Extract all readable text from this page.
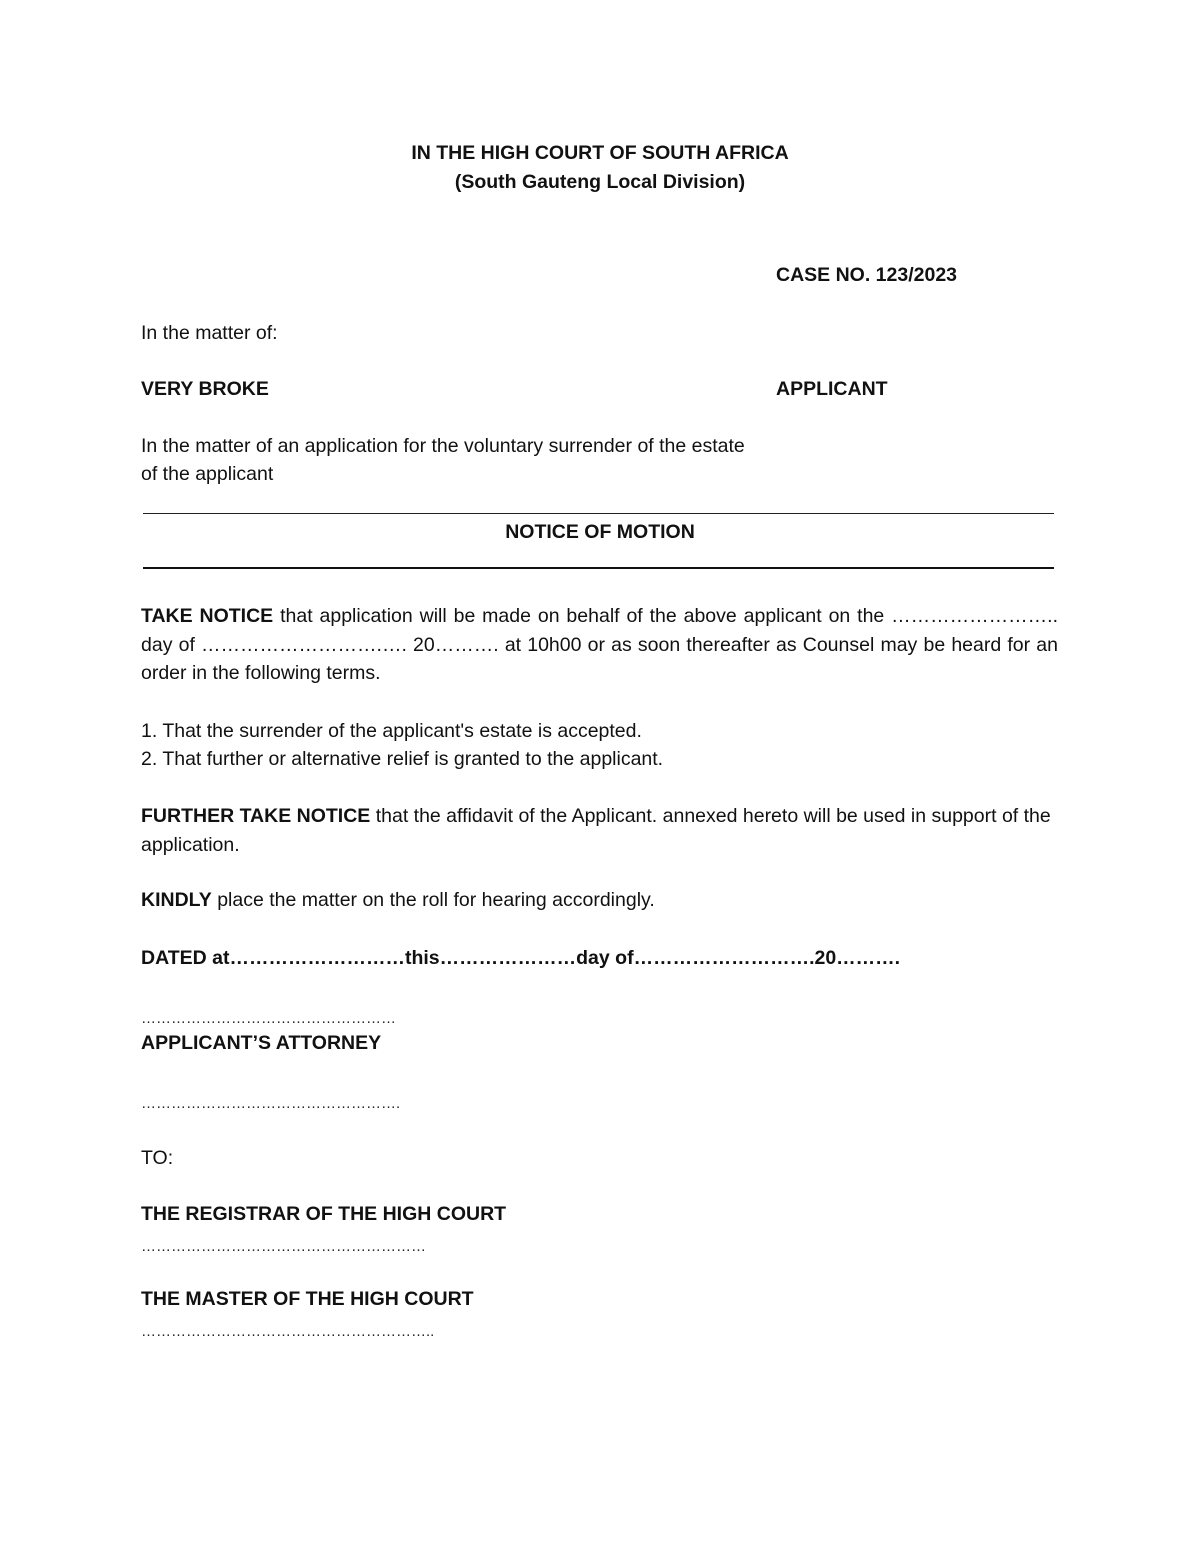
IN THE HIGH COURT OF SOUTH AFRICA
(South Gauteng Local Division)
CASE NO. 123/2023
In the matter of:
VERY BROKE	APPLICANT
In the matter of an application for the voluntary surrender of the estate
of the applicant
NOTICE OF MOTION
TAKE NOTICE that application will be made on behalf of the above applicant on the …………………….. day of ……………………….…. 20………. at 10h00 or as soon thereafter as Counsel may be heard for an order in the following terms.
1. That the surrender of the applicant's estate is accepted.
2. That further or alternative relief is granted to the applicant.
FURTHER TAKE NOTICE that the affidavit of the Applicant. annexed hereto will be used in support of the application.
KINDLY place the matter on the roll for hearing accordingly.
DATED at………………………this…………………day of……………………….20……….
……………………………………………
APPLICANT’S ATTORNEY
…………………………………………….
TO:
THE REGISTRAR OF THE HIGH COURT
…………………………………………………
THE MASTER OF THE HIGH COURT
…………………………………………………..
